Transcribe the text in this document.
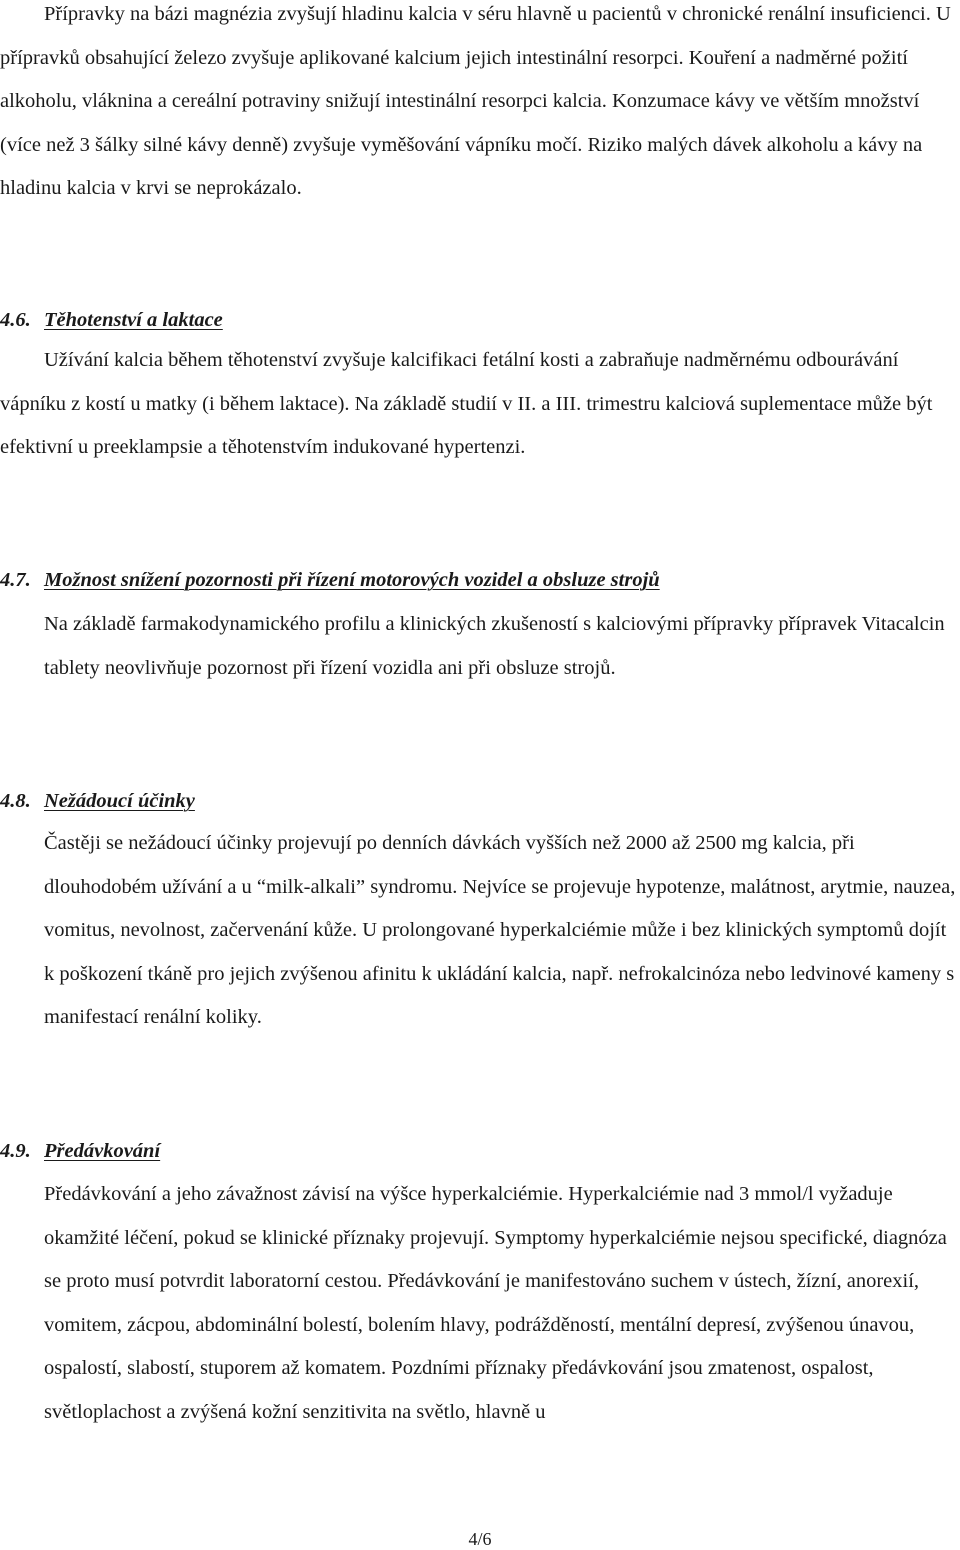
Přípravky na bázi magnézia zvyšují hladinu kalcia v séru hlavně u pacientů v chronické renální insuficienci. U přípravků obsahující železo zvyšuje aplikované kalcium jejich intestinální resorpci. Kouření a nadměrné požití alkoholu, vláknina a cereální potraviny snižují intestinální resorpci kalcia. Konzumace kávy ve větším množství (více než 3 šálky silné kávy denně) zvyšuje vyměšování vápníku močí. Riziko malých dávek alkoholu a kávy na hladinu kalcia v krvi se neprokázalo.

4.6. Těhotenství a laktace

Užívání kalcia během těhotenství zvyšuje kalcifikaci fetální kosti a zabraňuje nadměrnému odbourávání vápníku z kostí u matky (i během laktace). Na základě studií v II. a III. trimestru kalciová suplementace může být efektivní u preeklampsie a těhotenstvím indukované hypertenzi.

4.7. Možnost snížení pozornosti při řízení motorových vozidel a obsluze strojů

Na základě farmakodynamického profilu a klinických zkušeností s kalciovými přípravky přípravek Vitacalcin tablety neovlivňuje pozornost při řízení vozidla ani při obsluze strojů.

4.8. Nežádoucí účinky

Častěji se nežádoucí účinky projevují po denních dávkách vyšších než 2000 až 2500 mg kalcia, při dlouhodobém užívání a u “milk-alkali” syndromu. Nejvíce se projevuje hypotenze, malátnost, arytmie, nauzea, vomitus, nevolnost, začervenání kůže. U prolongované hyperkalciémie může i bez klinických symptomů dojít k poškození tkáně pro jejich zvýšenou afinitu k ukládání kalcia, např. nefrokalcinóza nebo ledvinové kameny s manifestací renální koliky.

4.9. Předávkování

Předávkování a jeho závažnost závisí na výšce hyperkalciémie. Hyperkalciémie nad 3 mmol/l vyžaduje okamžité léčení, pokud se klinické příznaky projevují. Symptomy hyperkalciémie nejsou specifické, diagnóza se proto musí potvrdit laboratorní cestou. Předávkování je manifestováno suchem v ústech, žízní, anorexií, vomitem, zácpou, abdominální bolestí, bolením hlavy, podrážděností, mentální depresí, zvýšenou únavou, ospalostí, slabostí, stuporem až komatem. Pozdními příznaky předávkování jsou zmatenost, ospalost, světloplachost a zvýšená kožní senzitivita na světlo, hlavně u

4/6
